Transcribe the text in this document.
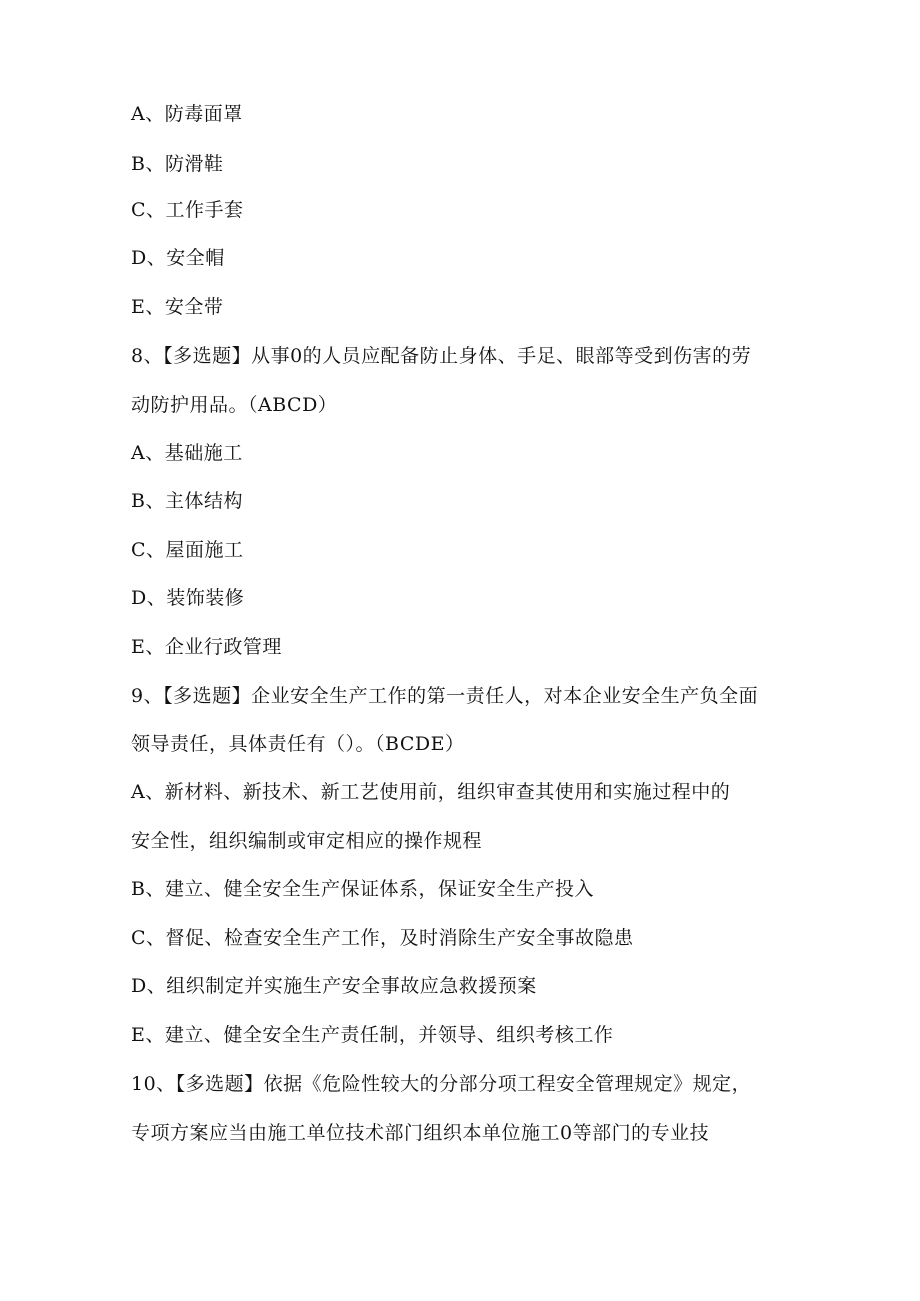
A、防毒面罩
B、防滑鞋
C、工作手套
D、安全帽
E、安全带
8、【多选题】从事0的人员应配备防止身体、手足、眼部等受到伤害的劳
动防护用品。（ABCD）
A、基础施工
B、主体结构
C、屋面施工
D、装饰装修
E、企业行政管理
9、【多选题】企业安全生产工作的第一责任人，对本企业安全生产负全面
领导责任，具体责任有（）。（BCDE）
A、新材料、新技术、新工艺使用前，组织审查其使用和实施过程中的
安全性，组织编制或审定相应的操作规程
B、建立、健全安全生产保证体系，保证安全生产投入
C、督促、检查安全生产工作，及时消除生产安全事故隐患
D、组织制定并实施生产安全事故应急救援预案
E、建立、健全安全生产责任制，并领导、组织考核工作
10、【多选题】依据《危险性较大的分部分项工程安全管理规定》规定，
专项方案应当由施工单位技术部门组织本单位施工0等部门的专业技
